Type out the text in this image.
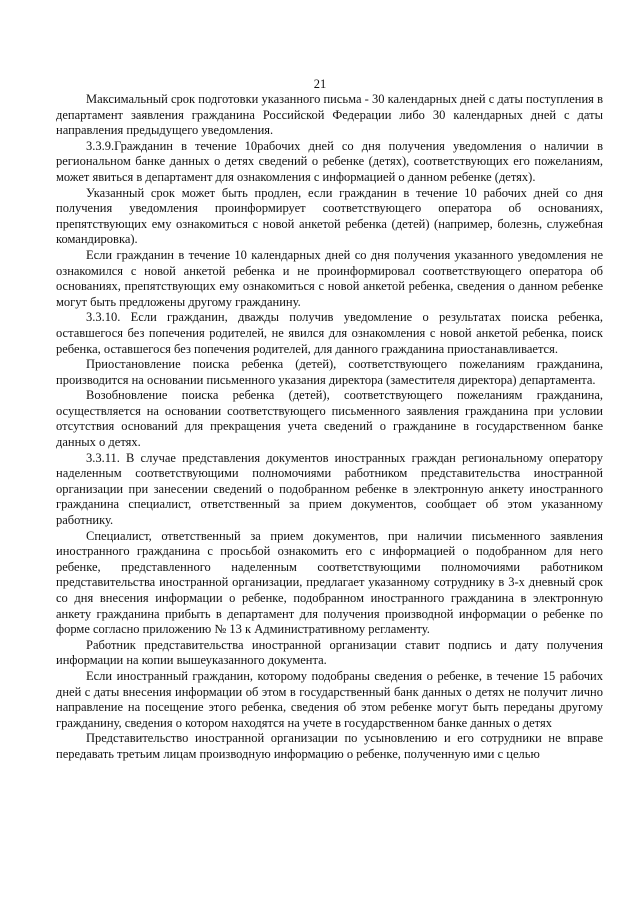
21

Максимальный срок подготовки указанного письма - 30 календарных дней с даты поступления в департамент заявления гражданина Российской Федерации либо 30 календарных дней с даты направления предыдущего уведомления.

3.3.9.Гражданин в течение 10рабочих дней со дня получения уведомления о наличии в региональном банке данных о детях сведений о ребенке (детях), соответствующих его пожеланиям, может явиться в департамент для ознакомления с информацией о данном ребенке (детях).

Указанный срок может быть продлен, если гражданин в течение 10 рабочих дней со дня получения уведомления проинформирует соответствующего оператора об основаниях, препятствующих ему ознакомиться с новой анкетой ребенка (детей) (например, болезнь, служебная командировка).

Если гражданин в течение 10 календарных дней со дня получения указанного уведомления не ознакомился с новой анкетой ребенка и не проинформировал соответствующего оператора об основаниях, препятствующих ему ознакомиться с новой анкетой ребенка, сведения о данном ребенке могут быть предложены другому гражданину.

3.3.10. Если гражданин, дважды получив уведомление о результатах поиска ребенка, оставшегося без попечения родителей, не явился для ознакомления с новой анкетой ребенка, поиск ребенка, оставшегося без попечения родителей, для данного гражданина приостанавливается.

Приостановление поиска ребенка (детей), соответствующего пожеланиям гражданина, производится на основании письменного указания директора (заместителя директора) департамента.

Возобновление поиска ребенка (детей), соответствующего пожеланиям гражданина, осуществляется на основании соответствующего письменного заявления гражданина при условии отсутствия оснований для прекращения учета сведений о гражданине в государственном банке данных о детях.

3.3.11. В случае представления документов иностранных граждан региональному оператору наделенным соответствующими полномочиями работником представительства иностранной организации при занесении сведений о подобранном ребенке в электронную анкету иностранного гражданина специалист, ответственный за прием документов, сообщает об этом указанному работнику.

Специалист, ответственный за прием документов, при наличии письменного заявления иностранного гражданина с просьбой ознакомить его с информацией о подобранном для него ребенке, представленного наделенным соответствующими полномочиями работником представительства иностранной организации, предлагает указанному сотруднику в 3-х дневный срок со дня внесения информации о ребенке, подобранном иностранного гражданина в электронную анкету гражданина прибыть в департамент для получения производной информации о ребенке по форме согласно приложению № 13 к Административному регламенту.

Работник представительства иностранной организации ставит подпись и дату получения информации на копии вышеуказанного документа.

Если иностранный гражданин, которому подобраны сведения о ребенке, в течение 15 рабочих дней с даты внесения информации об этом в государственный банк данных о детях не получит лично направление на посещение этого ребенка, сведения об этом ребенке могут быть переданы другому гражданину, сведения о котором находятся на учете в государственном банке данных о детях

Представительство иностранной организации по усыновлению и его сотрудники не вправе передавать третьим лицам производную информацию о ребенке, полученную ими с целью
